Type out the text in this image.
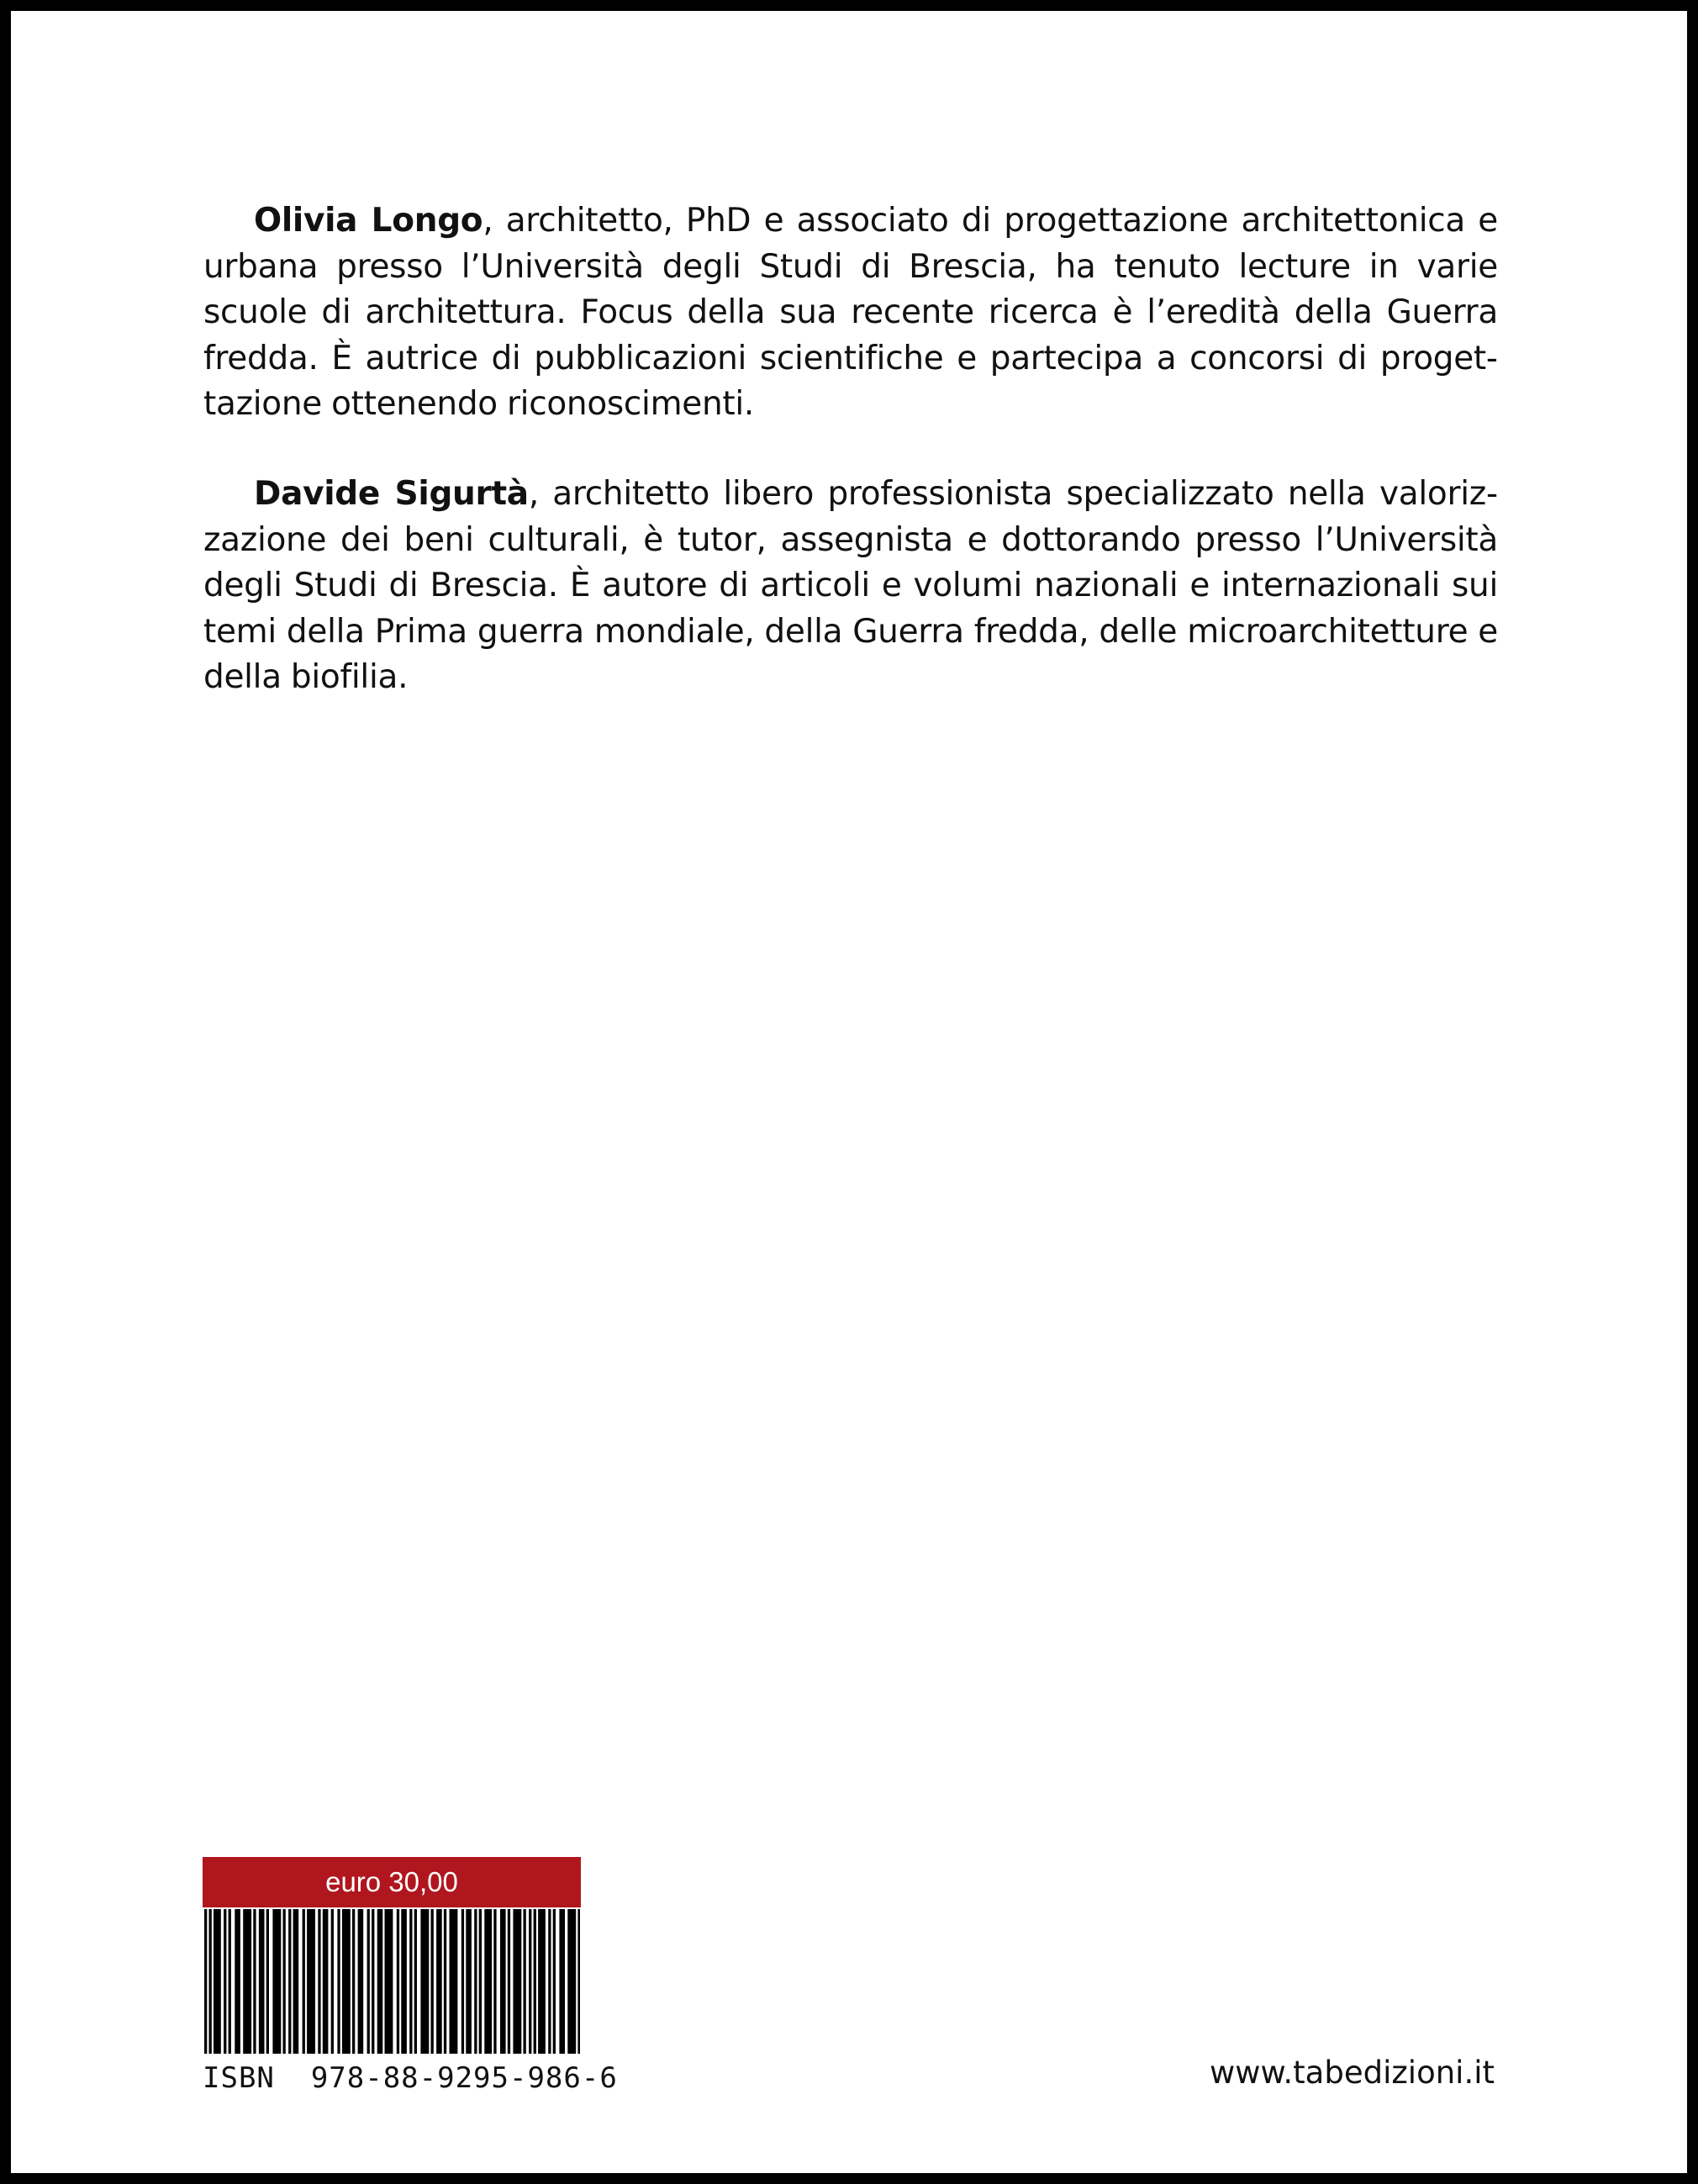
Olivia Longo, architetto, PhD e associato di progettazione architettonica e urbana presso l’Università degli Studi di Brescia, ha tenuto lecture in varie scuole di architettura. Focus della sua recente ricerca è l’eredità della Guerra fredda. È autrice di pubblicazioni scientifiche e partecipa a concorsi di progettazione ottenendo riconoscimenti.

Davide Sigurtà, architetto libero professionista specializzato nella valorizzazione dei beni culturali, è tutor, assegnista e dottorando presso l’Università degli Studi di Brescia. È autore di articoli e volumi nazionali e internazionali sui temi della Prima guerra mondiale, della Guerra fredda, delle microarchitetture e della biofilia.

euro 30,00
ISBN  978-88-9295-986-6	www.tabedizioni.it
